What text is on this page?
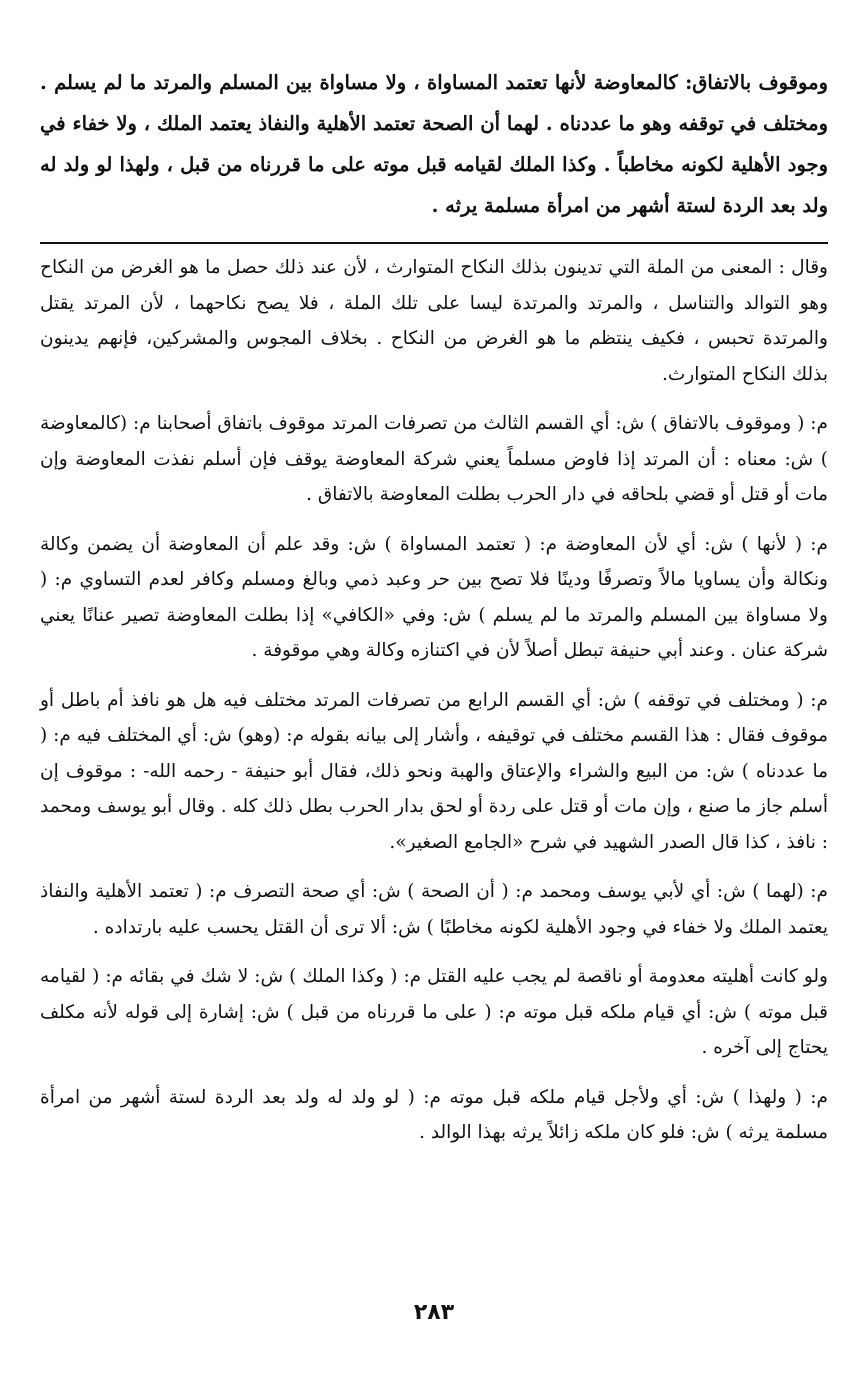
وموقوف بالاتفاق: كالمعاوضة لأنها تعتمد المساواة ، ولا مساواة بين المسلم والمرتد ما لم يسلم . ومختلف في توقفه وهو ما عددناه . لهما أن الصحة تعتمد الأهلية والنفاذ يعتمد الملك ، ولا خفاء في وجود الأهلية لكونه مخاطباً . وكذا الملك لقيامه قبل موته على ما قررناه من قبل ، ولهذا لو ولد له ولد بعد الردة لستة أشهر من امرأة مسلمة يرثه .

وقال : المعنى من الملة التي تدينون بذلك النكاح المتوارث ، لأن عند ذلك حصل ما هو الغرض من النكاح وهو التوالد والتناسل ، والمرتد والمرتدة ليسا على تلك الملة ، فلا يصح نكاحهما ، لأن المرتد يقتل والمرتدة تحبس ، فكيف ينتظم ما هو الغرض من النكاح . بخلاف المجوس والمشركين، فإنهم يدينون بذلك النكاح المتوارث.

م: ( وموقوف بالاتفاق ) ش: أي القسم الثالث من تصرفات المرتد موقوف باتفاق أصحابنا م: (كالمعاوضة ) ش: معناه : أن المرتد إذا فاوض مسلماً يعني شركة المعاوضة يوقف فإن أسلم نفذت المعاوضة وإن مات أو قتل أو قضي بلحاقه في دار الحرب بطلت المعاوضة بالاتفاق .

م: ( لأنها ) ش: أي لأن المعاوضة م: ( تعتمد المساواة ) ش: وقد علم أن المعاوضة أن يضمن وكالة ونكالة وأن يساويا مالاً وتصرفًا ودينًا فلا تصح بين حر وعبد ذمي وبالغ ومسلم وكافر لعدم التساوي م: ( ولا مساواة بين المسلم والمرتد ما لم يسلم ) ش: وفي «الكافي» إذا بطلت المعاوضة تصير عنانًا يعني شركة عنان . وعند أبي حنيفة تبطل أصلاً لأن في اكتنازه وكالة وهي موقوفة .

م: ( ومختلف في توقفه ) ش: أي القسم الرابع من تصرفات المرتد مختلف فيه هل هو نافذ أم باطل أو موقوف فقال : هذا القسم مختلف في توقيفه ، وأشار إلى بيانه بقوله م: (وهو) ش: أي المختلف فيه م: ( ما عددناه ) ش: من البيع والشراء والإعتاق والهبة ونحو ذلك، فقال أبو حنيفة - رحمه الله- : موقوف إن أسلم جاز ما صنع ، وإن مات أو قتل على ردة أو لحق بدار الحرب بطل ذلك كله . وقال أبو يوسف ومحمد : نافذ ، كذا قال الصدر الشهيد في شرح «الجامع الصغير».

م: (لهما ) ش: أي لأبي يوسف ومحمد م: ( أن الصحة ) ش: أي صحة التصرف م: ( تعتمد الأهلية والنفاذ يعتمد الملك ولا خفاء في وجود الأهلية لكونه مخاطبًا ) ش: ألا ترى أن القتل يحسب عليه بارتداده .

ولو كانت أهليته معدومة أو ناقصة لم يجب عليه القتل م: ( وكذا الملك ) ش: لا شك في بقائه م: ( لقيامه قبل موته ) ش: أي قيام ملكه قبل موته م: ( على ما قررناه من قبل ) ش: إشارة إلى قوله لأنه مكلف يحتاج إلى آخره .

م: ( ولهذا ) ش: أي ولأجل قيام ملكه قبل موته م: ( لو ولد له ولد بعد الردة لستة أشهر من امرأة مسلمة يرثه ) ش: فلو كان ملكه زائلاً يرثه بهذا الوالد .

٢٨٣
